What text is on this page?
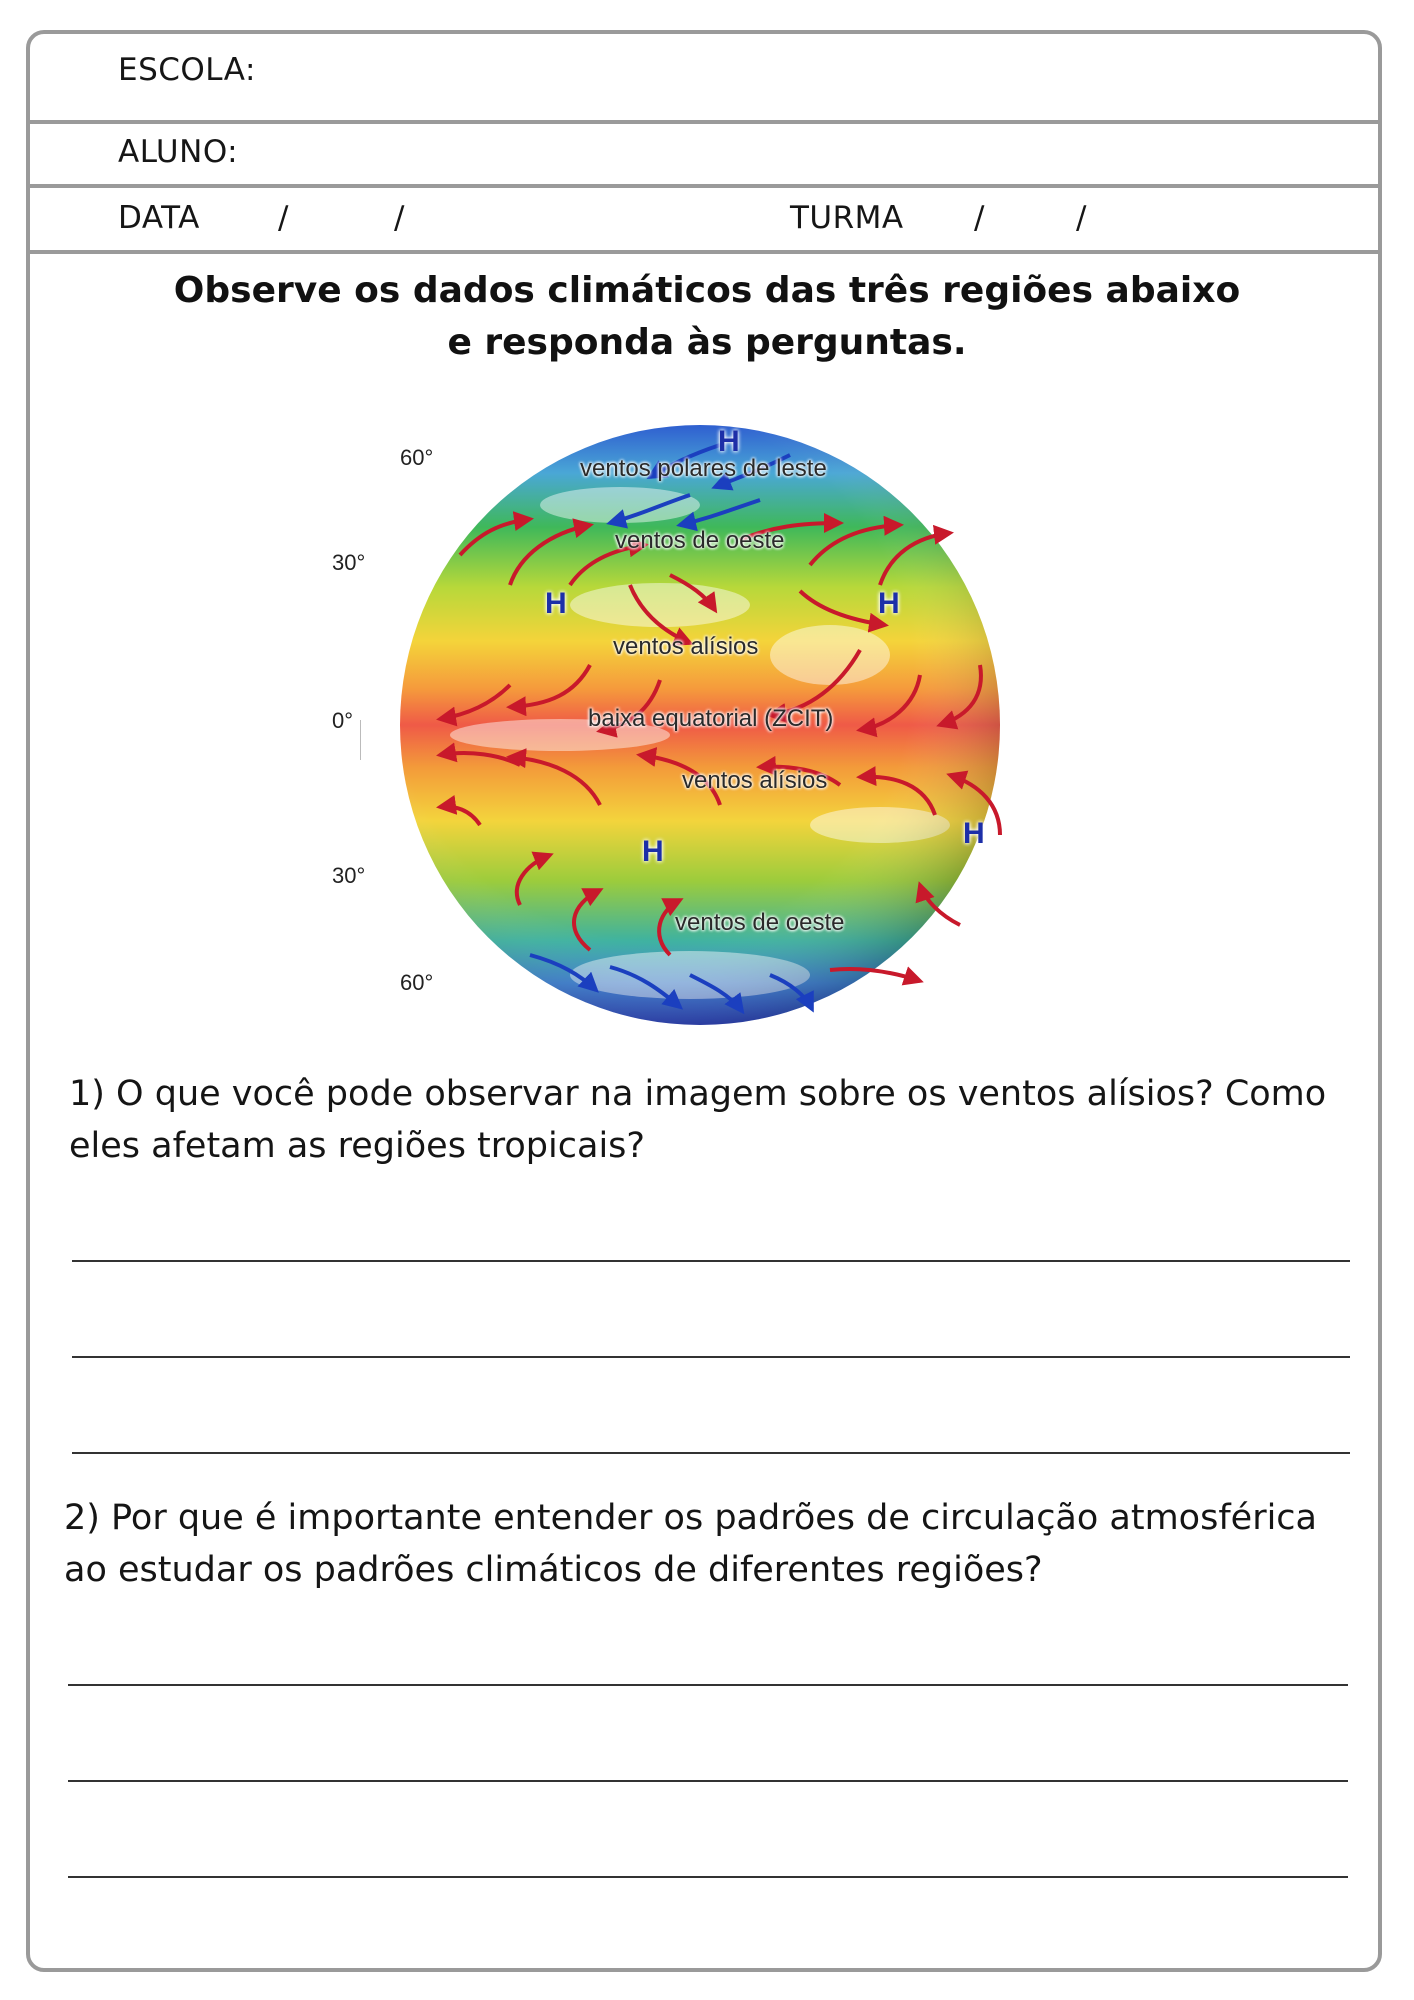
ESCOLA:
ALUNO:
DATA	/	/	TURMA /	/
Observe os dados climáticos das três regiões abaixo
e responda às perguntas.
60°
30°
0°
30°
60°
ventos polares de leste
ventos de oeste
ventos alísios
baixa equatorial (ZCIT)
ventos alísios
ventos de oeste
H
H	H
H
H
1) O que você pode observar na imagem sobre os ventos alísios? Como
eles afetam as regiões tropicais?
2) Por que é importante entender os padrões de circulação atmosférica
ao estudar os padrões climáticos de diferentes regiões?
